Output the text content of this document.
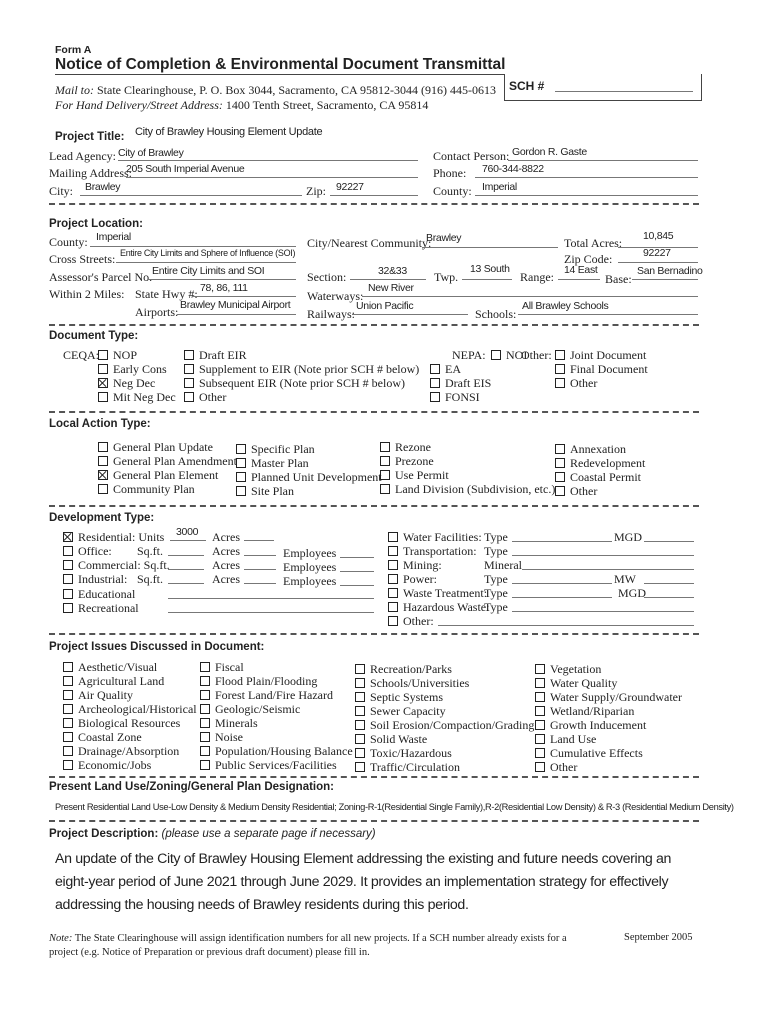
Form A
Notice of Completion & Environmental Document Transmittal
Mail to: State Clearinghouse, P. O. Box 3044, Sacramento, CA 95812-3044 (916) 445-0613
For Hand Delivery/Street Address: 1400 Tenth Street, Sacramento, CA 95814
SCH #
Project Title: City of Brawley Housing Element Update
Lead Agency: City of Brawley
Mailing Address:
205 South Imperial Avenue
City: Brawley	Zip: 92227
Contact Person: Gordon R. Gaste
Phone: 760-344-8822
County: Imperial
Project Location:
County: Imperial	City/Nearest Community:
Brawley	Total Acres: 10,845
Cross Streets: Entire City Limits and Sphere of Influence (SOI)	Zip Code:	92227
Assessor's Parcel No. Entire City Limits and SOI	Section:	32&33 Twp.
13 South
Range: 14 East
Base:
San Bernadino
Within 2 Miles: State Hwy #: 78, 86, 111
Waterways:
New River
Airports: Brawley Municipal Airport
Railways:
Union Pacific
Schools:
All Brawley Schools
Document Type:
CEQA:	NEPA:	Other:
NOP
Early Cons
Neg Dec
Mit Neg Dec
Draft EIR
Supplement to EIR (Note prior SCH # below)
Subsequent EIR (Note prior SCH # below)
Other
NOI
EA
Draft EIS
FONSI
Joint Document
Final Document
Other
Local Action Type:
General Plan Update
General Plan Amendment
General Plan Element
Community Plan
Specific Plan
Master Plan
Planned Unit Development
Site Plan
Rezone
Prezone
Use Permit
Land Division (Subdivision, etc.)
Annexation
Redevelopment
Coastal Permit
Other
Development Type:
Residential: Units 3000 Acres
Office: Sq.ft.	Acres	Employees
Commercial: Sq.ft.	Acres	Employees
Industrial: Sq.ft.	Acres	Employees
Educational
Recreational
Water Facilities: Type	MGD
Transportation: Type
Mining:	Mineral
Power:	Type	MW
Waste Treatment:
Type	MGD
Hazardous Waste:
Type
Other:
Project Issues Discussed in Document:
Aesthetic/Visual
Agricultural Land
Air Quality
Archeological/Historical
Biological Resources
Coastal Zone
Drainage/Absorption
Economic/Jobs
Fiscal
Flood Plain/Flooding
Forest Land/Fire Hazard
Geologic/Seismic
Minerals
Noise
Population/Housing Balance
Public Services/Facilities
Recreation/Parks
Schools/Universities
Septic Systems
Sewer Capacity
Soil Erosion/Compaction/Grading
Solid Waste
Toxic/Hazardous
Traffic/Circulation
Vegetation
Water Quality
Water Supply/Groundwater
Wetland/Riparian
Growth Inducement
Land Use
Cumulative Effects
Other
Present Land Use/Zoning/General Plan Designation:
Present Residential Land Use-Low Density & Medium Density Residential; Zoning-R-1(Residential Single Family),R-2(Residential Low Density) & R-3 (Residential Medium Density)
Project Description: (please use a separate page if necessary)
An update of the City of Brawley Housing Element addressing the existing and future needs covering an eight-year period of June 2021 through June 2029. It provides an implementation strategy for effectively addressing the housing needs of Brawley residents during this period.
Note: The State Clearinghouse will assign identification numbers for all new projects. If a SCH number already exists for a project (e.g. Notice of Preparation or previous draft document) please fill in.
September 2005
